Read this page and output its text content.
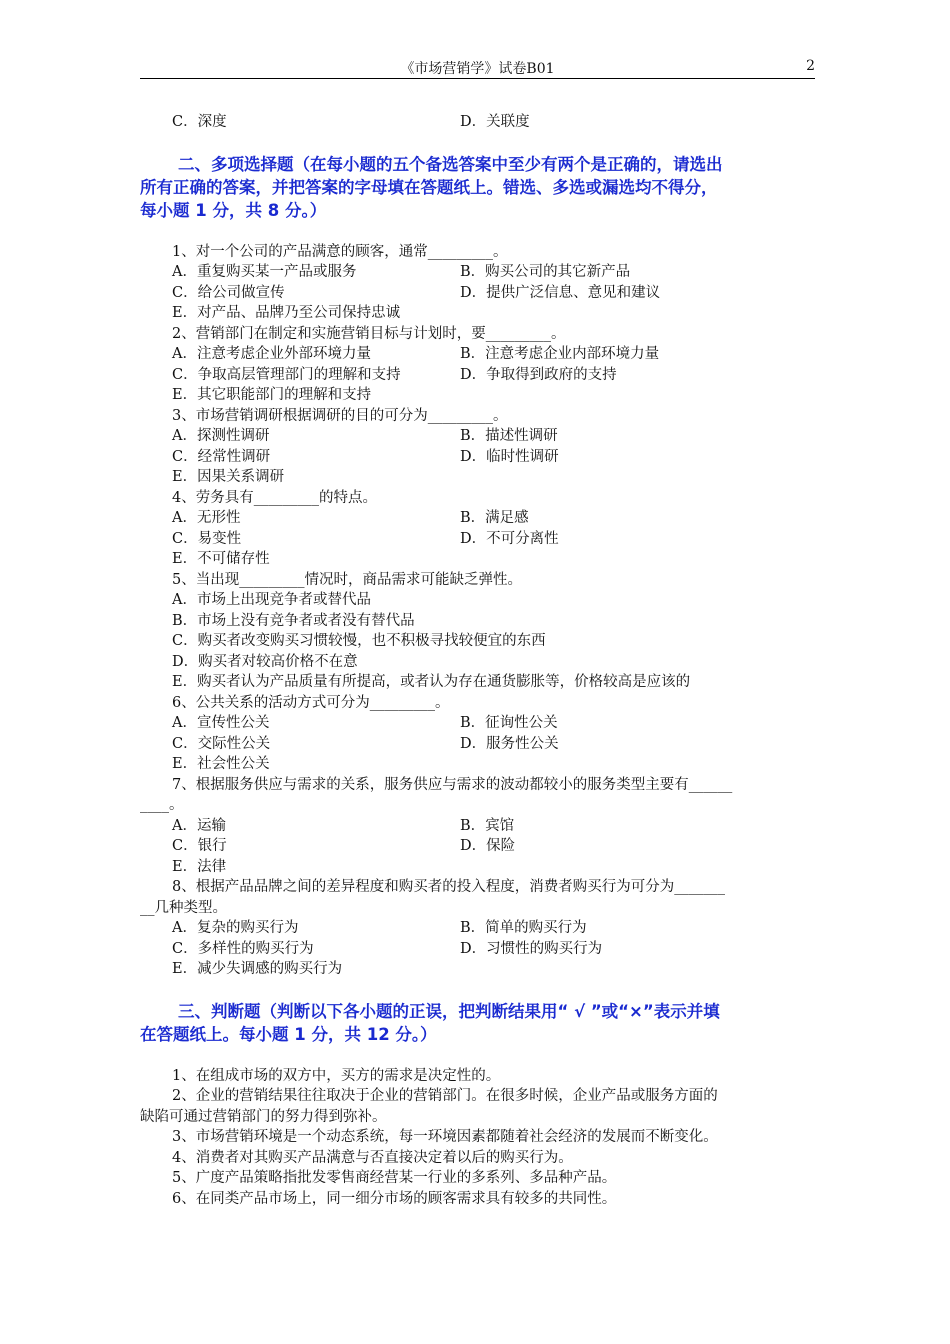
《市场营销学》试卷B01	2
C．深度	D．关联度
二、多项选择题（在每小题的五个备选答案中至少有两个是正确的，请选出
所有正确的答案，并把答案的字母填在答题纸上。错选、多选或漏选均不得分，
每小题 1 分，共 8 分。）
1、对一个公司的产品满意的顾客，通常_________。
A．重复购买某一产品或服务	B．购买公司的其它新产品
C．给公司做宣传	D．提供广泛信息、意见和建议
E．对产品、品牌乃至公司保持忠诚
2、营销部门在制定和实施营销目标与计划时，要_________。
A．注意考虑企业外部环境力量	B．注意考虑企业内部环境力量
C．争取高层管理部门的理解和支持	D．争取得到政府的支持
E．其它职能部门的理解和支持
3、市场营销调研根据调研的目的可分为_________。
A．探测性调研	B．描述性调研
C．经常性调研	D．临时性调研
E．因果关系调研
4、劳务具有_________的特点。
A．无形性	B．满足感
C．易变性	D．不可分离性
E．不可储存性
5、当出现_________情况时，商品需求可能缺乏弹性。
A．市场上出现竞争者或替代品
B．市场上没有竞争者或者没有替代品
C．购买者改变购买习惯较慢，也不积极寻找较便宜的东西
D．购买者对较高价格不在意
E．购买者认为产品质量有所提高，或者认为存在通货膨胀等，价格较高是应该的
6、公共关系的活动方式可分为_________。
A．宣传性公关	B．征询性公关
C．交际性公关	D．服务性公关
E．社会性公关
7、根据服务供应与需求的关系，服务供应与需求的波动都较小的服务类型主要有______
____。
A．运输	B．宾馆
C．银行	D．保险
E．法律
8、根据产品品牌之间的差异程度和购买者的投入程度，消费者购买行为可分为_______
__几种类型。
A．复杂的购买行为	B．简单的购买行为
C．多样性的购买行为	D．习惯性的购买行为
E．减少失调感的购买行为
三、判断题（判断以下各小题的正误，把判断结果用“ √ ”或“×”表示并填
在答题纸上。每小题 1 分，共 12 分。）
1、在组成市场的双方中，买方的需求是决定性的。
2、企业的营销结果往往取决于企业的营销部门。在很多时候，企业产品或服务方面的
缺陷可通过营销部门的努力得到弥补。
3、市场营销环境是一个动态系统，每一环境因素都随着社会经济的发展而不断变化。
4、消费者对其购买产品满意与否直接决定着以后的购买行为。
5、广度产品策略指批发零售商经营某一行业的多系列、多品种产品。
6、在同类产品市场上，同一细分市场的顾客需求具有较多的共同性。
